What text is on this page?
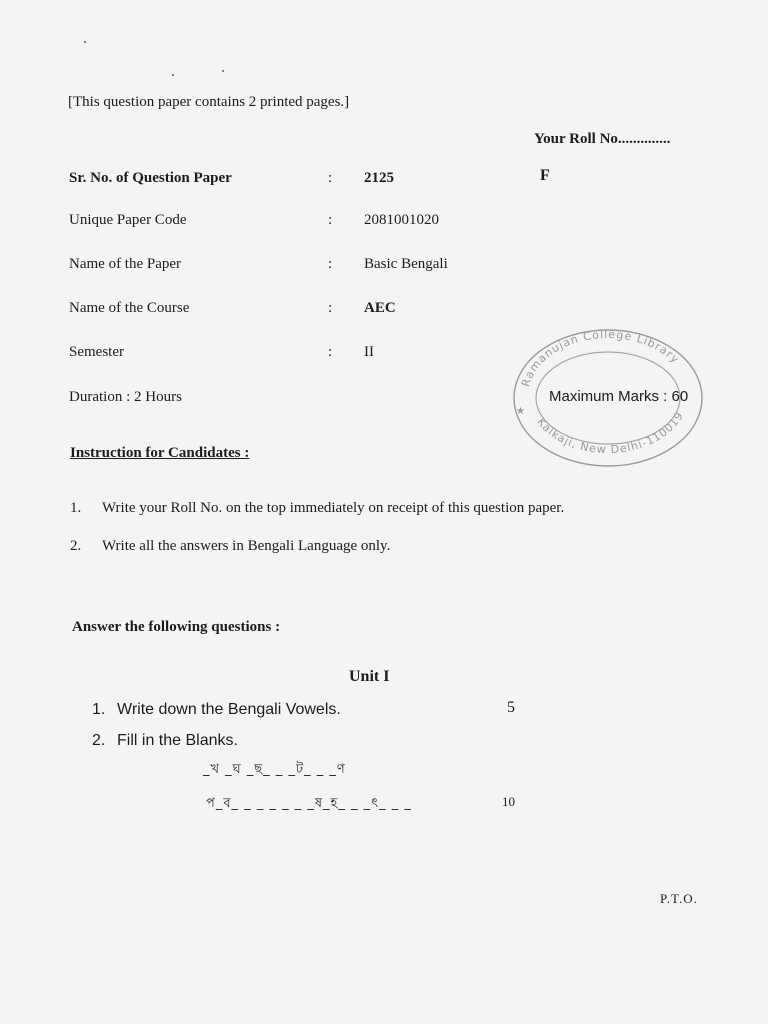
[This question paper contains 2 printed pages.]
Your Roll No..............
Sr. No. of Question Paper	: 2125	F
Unique Paper Code	: 2081001020
Name of the Paper	: Basic Bengali
Name of the Course	: AEC
Semester	: II
Duration : 2 Hours
Ramanujan College Library
Kalkaji, New Delhi-110019
★
Maximum Marks : 60
Instruction for Candidates :
1. Write your Roll No. on the top immediately on receipt of this question paper.
2. Write all the answers in Bengali Language only.
Answer the following questions :
Unit I
1. Write down the Bengali Vowels.	5
2. Fill in the Blanks.
_খ _ঘ _ছ_ _ _ট_ _ _ণ
প_ব_ _ _ _ _ _ _ষ_হ_ _ _ৎ_ _ _	10
P.T.O.
